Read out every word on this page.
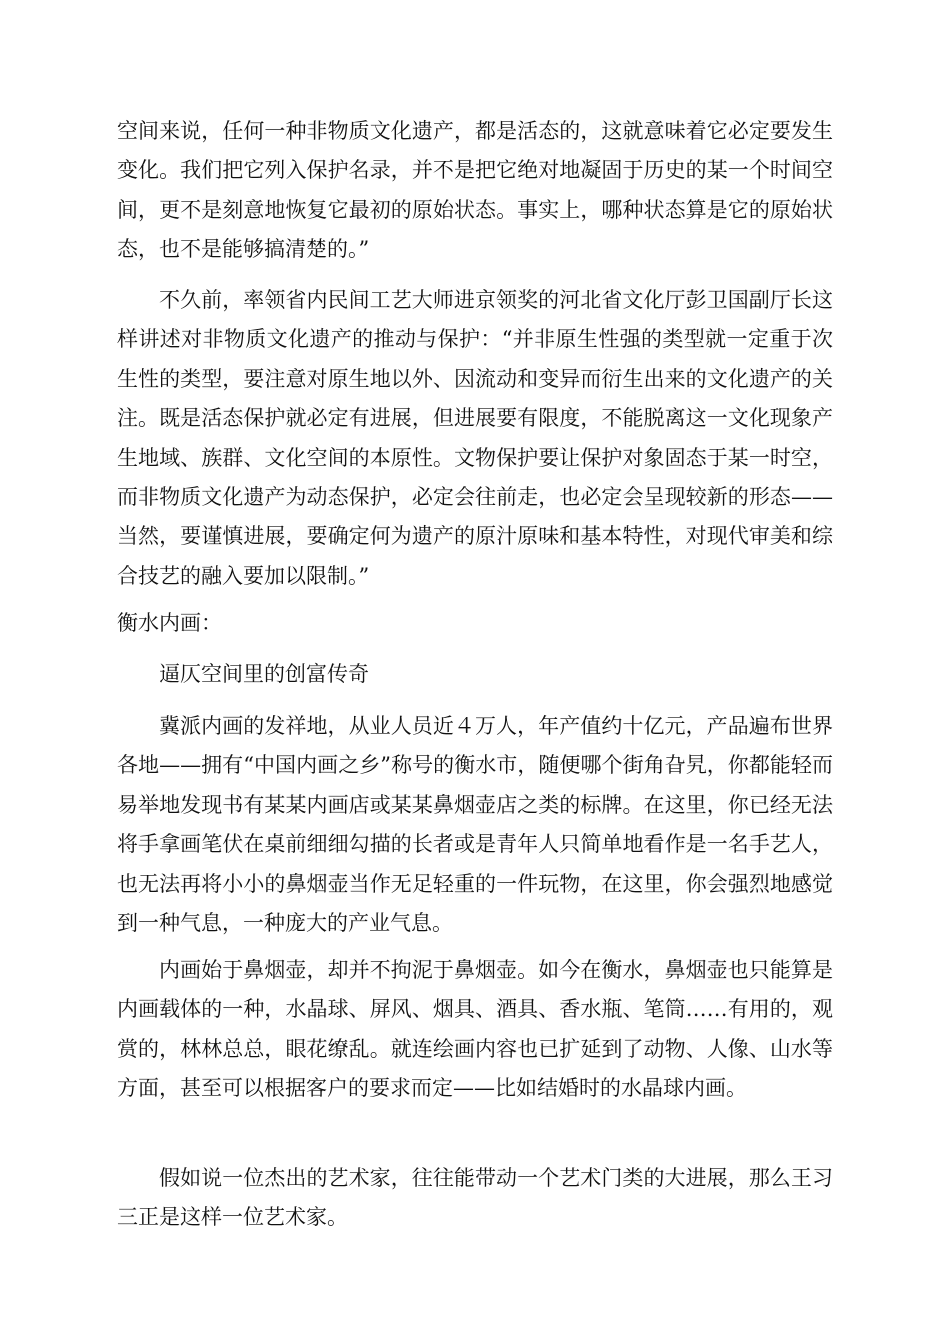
空间来说，任何一种非物质文化遗产，都是活态的，这就意味着它必定要发生变化。我们把它列入保护名录，并不是把它绝对地凝固于历史的某一个时间空间，更不是刻意地恢复它最初的原始状态。事实上，哪种状态算是它的原始状态，也不是能够搞清楚的。”

不久前，率领省内民间工艺大师进京领奖的河北省文化厅彭卫国副厅长这样讲述对非物质文化遗产的推动与保护：“并非原生性强的类型就一定重于次生性的类型，要注意对原生地以外、因流动和变异而衍生出来的文化遗产的关注。既是活态保护就必定有进展，但进展要有限度，不能脱离这一文化现象产生地域、族群、文化空间的本原性。文物保护要让保护对象固态于某一时空，而非物质文化遗产为动态保护，必定会往前走，也必定会呈现较新的形态——当然，要谨慎进展，要确定何为遗产的原汁原味和基本特性，对现代审美和综合技艺的融入要加以限制。”

衡水内画：

逼仄空间里的创富传奇

冀派内画的发祥地，从业人员近４万人，年产值约十亿元，产品遍布世界各地——拥有“中国内画之乡”称号的衡水市，随便哪个街角旮旯，你都能轻而易举地发现书有某某内画店或某某鼻烟壶店之类的标牌。在这里，你已经无法将手拿画笔伏在桌前细细勾描的长者或是青年人只简单地看作是一名手艺人，也无法再将小小的鼻烟壶当作无足轻重的一件玩物，在这里，你会强烈地感觉到一种气息，一种庞大的产业气息。

内画始于鼻烟壶，却并不拘泥于鼻烟壶。如今在衡水，鼻烟壶也只能算是内画载体的一种，水晶球、屏风、烟具、酒具、香水瓶、笔筒……有用的，观赏的，林林总总，眼花缭乱。就连绘画内容也已扩延到了动物、人像、山水等方面，甚至可以根据客户的要求而定——比如结婚时的水晶球内画。

假如说一位杰出的艺术家，往往能带动一个艺术门类的大进展，那么王习三正是这样一位艺术家。
